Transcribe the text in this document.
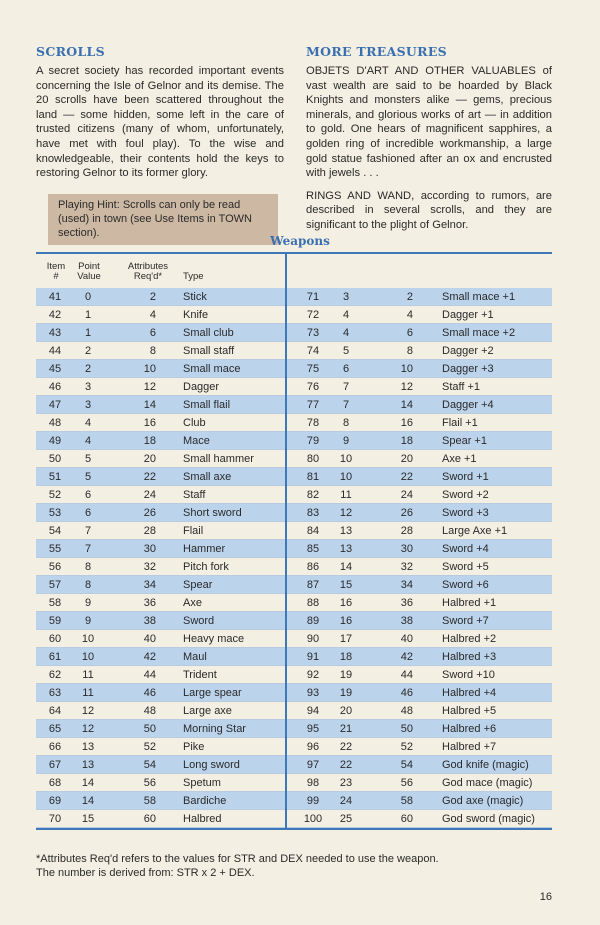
SCROLLS

A secret society has recorded important events concerning the Isle of Gelnor and its demise. The 20 scrolls have been scattered throughout the land — some hidden, some left in the care of trusted citizens (many of whom, unfortunately, have met with foul play). To the wise and knowledgeable, their contents hold the keys to restoring Gelnor to its former glory.

Playing Hint: Scrolls can only be read (used) in town (see Use Items in TOWN section).
MORE TREASURES

OBJETS D'ART AND OTHER VALUABLES of vast wealth are said to be hoarded by Black Knights and monsters alike — gems, precious minerals, and glorious works of art — in addition to gold. One hears of magnificent sapphires, a golden ring of incredible workmanship, a large gold statue fashioned after an ox and encrusted with jewels . . .

RINGS AND WAND, according to rumors, are described in several scrolls, and they are significant to the plight of Gelnor.

Weapons
Item
#
Point
Value
Attributes
Req'd*	Type
41	0	2 Stick
42	1	4 Knife
43	1	6 Small club
44	2	8 Small staff
45	2	10 Small mace
46	3	12 Dagger
47	3	14 Small flail
48	4	16 Club
49	4	18 Mace
50	5	20 Small hammer
51	5	22 Small axe
52	6	24 Staff
53	6	26 Short sword
54	7	28 Flail
55	7	30 Hammer
56	8	32 Pitch fork
57	8	34 Spear
58	9	36 Axe
59	9	38 Sword
60	10	40 Heavy mace
61	10	42 Maul
62	11	44 Trident
63	11	46 Large spear
64	12	48 Large axe
65	12	50 Morning Star
66	13	52 Pike
67	13	54 Long sword
68	14	56 Spetum
69	14	58 Bardiche
70	15	60 Halbred
71	3	2	Small mace +1
72	4	4	Dagger +1
73	4	6	Small mace +2
74	5	8	Dagger +2
75	6	10	Dagger +3
76	7	12	Staff +1
77	7	14	Dagger +4
78	8	16	Flail +1
79	9	18	Spear +1
80	10	20	Axe +1
81	10	22	Sword +1
82	11	24	Sword +2
83	12	26	Sword +3
84	13	28	Large Axe +1
85	13	30	Sword +4
86	14	32	Sword +5
87	15	34	Sword +6
88	16	36	Halbred +1
89	16	38	Sword +7
90	17	40	Halbred +2
91	18	42	Halbred +3
92	19	44	Sword +10
93	19	46	Halbred +4
94	20	48	Halbred +5
95	21	50	Halbred +6
96	22	52	Halbred +7
97	22	54	God knife (magic)
98	23	56	God mace (magic)
99	24	58	God axe (magic)
100	25	60	God sword (magic)
*Attributes Req'd refers to the values for STR and DEX needed to use the weapon.
The number is derived from: STR x 2 + DEX.
16
